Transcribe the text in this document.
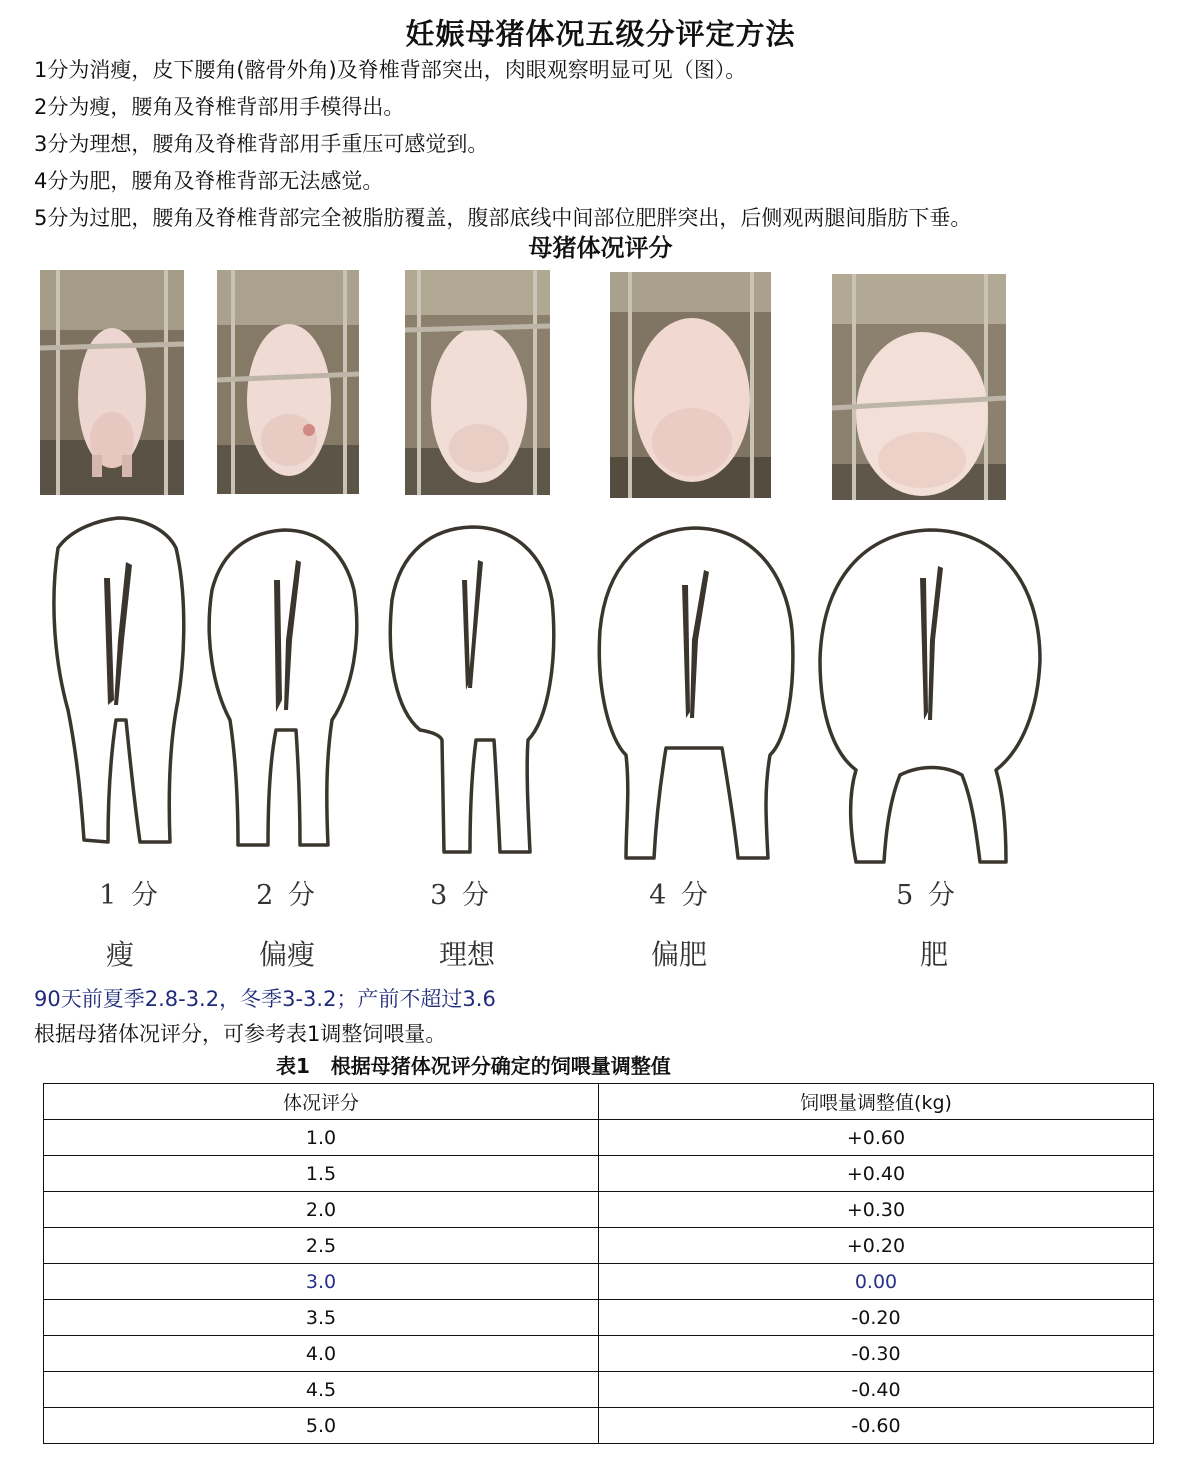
妊娠母猪体况五级分评定方法
1分为消瘦，皮下腰角(髂骨外角)及脊椎背部突出，肉眼观察明显可见（图）。
2分为瘦，腰角及脊椎背部用手模得出。
3分为理想，腰角及脊椎背部用手重压可感觉到。
4分为肥，腰角及脊椎背部无法感觉。
5分为过肥，腰角及脊椎背部完全被脂肪覆盖，腹部底线中间部位肥胖突出，后侧观两腿间脂肪下垂。
母猪体况评分
1 分	2 分	3 分	4 分	5 分
瘦	偏瘦	理想	偏肥	肥
90天前夏季2.8-3.2，冬季3-3.2；产前不超过3.6
根据母猪体况评分，可参考表1调整饲喂量。
表1   根据母猪体况评分确定的饲喂量调整值
体况评分	饲喂量调整值(kg)
1.0	+0.60
1.5	+0.40
2.0	+0.30
2.5	+0.20
3.0	0.00
3.5	-0.20
4.0	-0.30
4.5	-0.40
5.0	-0.60
